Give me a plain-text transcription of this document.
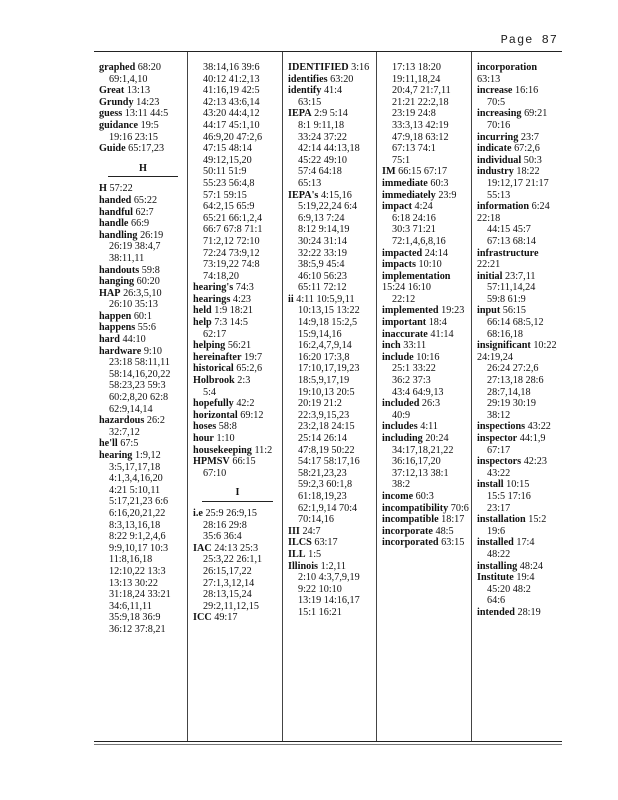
Page 87
graphed 68:20
69:1,4,10
Great 13:13
Grundy 14:23
guess 13:11 44:5
guidance 19:5
19:16 23:15
Guide 65:17,23
H
H 57:22
handed 65:22
handful 62:7
handle 66:9
handling 26:19
26:19 38:4,7
38:11,11
handouts 59:8
hanging 60:20
HAP 26:3,5,10
26:10 35:13
happen 60:1
happens 55:6
hard 44:10
hardware 9:10
23:18 58:11,11
58:14,16,20,22
58:23,23 59:3
60:2,8,20 62:8
62:9,14,14
hazardous 26:2
32:7,12
he'll 67:5
hearing 1:9,12
3:5,17,17,18
4:1,3,4,16,20
4:21 5:10,11
5:17,21,23 6:6
6:16,20,21,22
8:3,13,16,18
8:22 9:1,2,4,6
9:9,10,17 10:3
11:8,16,18
12:10,22 13:3
13:13 30:22
31:18,24 33:21
34:6,11,11
35:9,18 36:9
36:12 37:8,21
38:14,16 39:6
40:12 41:2,13
41:16,19 42:5
42:13 43:6,14
43:20 44:4,12
44:17 45:1,10
46:9,20 47:2,6
47:15 48:14
49:12,15,20
50:11 51:9
55:23 56:4,8
57:1 59:15
64:2,15 65:9
65:21 66:1,2,4
66:7 67:8 71:1
71:2,12 72:10
72:24 73:9,12
73:19,22 74:8
74:18,20
hearing's 74:3
hearings 4:23
held 1:9 18:21
help 7:3 14:5
62:17
helping 56:21
hereinafter 19:7
historical 65:2,6
Holbrook 2:3
5:4
hopefully 42:2
horizontal 69:12
hoses 58:8
hour 1:10
housekeeping 11:2
HPMSV 66:15
67:10
I
i.e 25:9 26:9,15
28:16 29:8
35:6 36:4
IAC 24:13 25:3
25:3,22 26:1,1
26:15,17,22
27:1,3,12,14
28:13,15,24
29:2,11,12,15
ICC 49:17
IDENTIFIED 3:16
identifies 63:20
identify 41:4
63:15
IEPA 2:9 5:14
8:1 9:11,18
33:24 37:22
42:14 44:13,18
45:22 49:10
57:4 64:18
65:13
IEPA's 4:15,16
5:19,22,24 6:4
6:9,13 7:24
8:12 9:14,19
30:24 31:14
32:22 33:19
38:5,9 45:4
46:10 56:23
65:11 72:12
ii 4:11 10:5,9,11
10:13,15 13:22
14:9,18 15:2,5
15:9,14,16
16:2,4,7,9,14
16:20 17:3,8
17:10,17,19,23
18:5,9,17,19
19:10,13 20:5
20:19 21:2
22:3,9,15,23
23:2,18 24:15
25:14 26:14
47:8,19 50:22
54:17 58:17,16
58:21,23,23
59:2,3 60:1,8
61:18,19,23
62:1,9,14 70:4
70:14,16
III 24:7
ILCS 63:17
ILL 1:5
Illinois 1:2,11
2:10 4:3,7,9,19
9:22 10:10
13:19 14:16,17
15:1 16:21
17:13 18:20
19:11,18,24
20:4,7 21:7,11
21:21 22:2,18
23:19 24:8
33:3,13 42:19
47:9,18 63:12
67:13 74:1
75:1
IM 66:15 67:17
immediate 60:3
immediately 23:9
impact 4:24
6:18 24:16
30:3 71:21
72:1,4,6,8,16
impacted 24:14
impacts 10:10
implementation 15:24 16:10
22:12
implemented 19:23
important 18:4
inaccurate 41:14
inch 33:11
include 10:16
25:1 33:22
36:2 37:3
43:4 64:9,13
included 26:3
40:9
includes 4:11
including 20:24
34:17,18,21,22
36:16,17,20
37:12,13 38:1
38:2
income 60:3
incompatibility 70:6
incompatible 18:17
incorporate 48:5
incorporated 63:15
incorporation 63:13
increase 16:16
70:5
increasing 69:21
70:16
incurring 23:7
indicate 67:2,6
individual 50:3
industry 18:22
19:12,17 21:17
55:13
information 6:24 22:18
44:15 45:7
67:13 68:14
infrastructure 22:21
initial 23:7,11
57:11,14,24
59:8 61:9
input 56:15
66:14 68:5,12
68:16,18
insignificant 10:22 24:19,24
26:24 27:2,6
27:13,18 28:6
28:7,14,18
29:19 30:19
38:12
inspections 43:22
inspector 44:1,9
67:17
inspectors 42:23
43:22
install 10:15
15:5 17:16
23:17
installation 15:2
19:6
installed 17:4
48:22
installing 48:24
Institute 19:4
45:20 48:2
64:6
intended 28:19
